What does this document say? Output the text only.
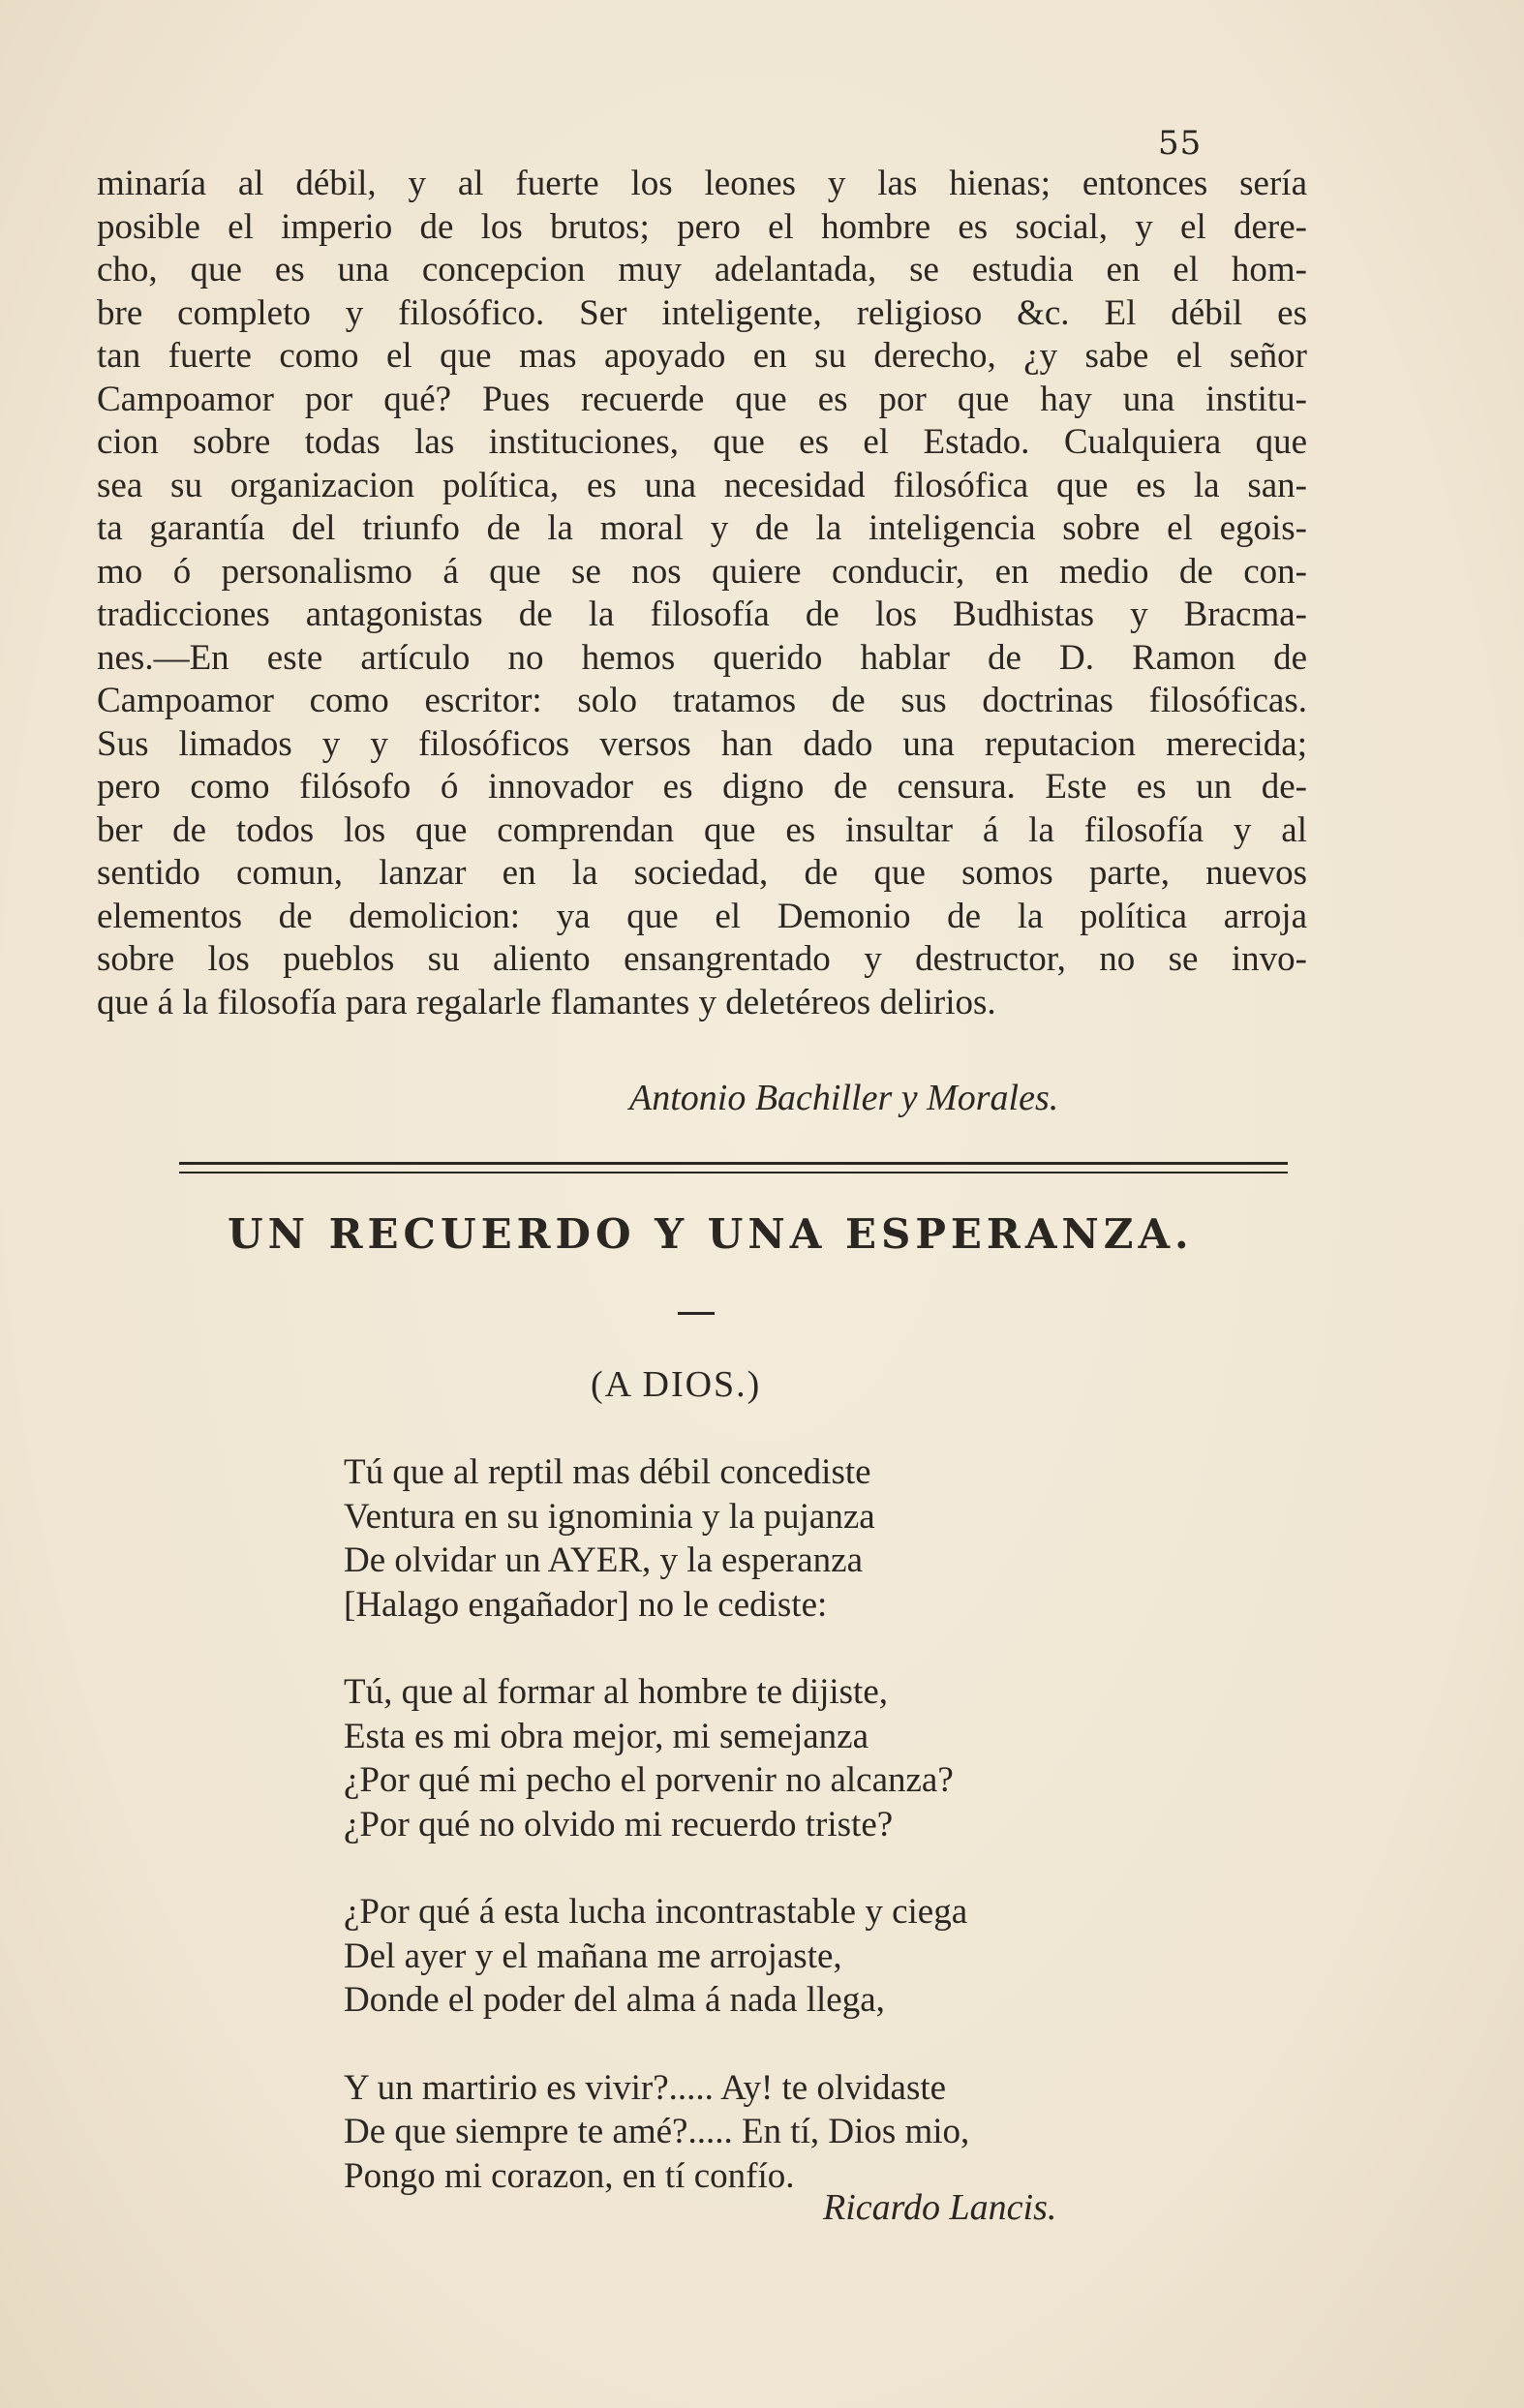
55
minaría al débil, y al fuerte los leones y las hienas; entonces sería
posible el imperio de los brutos; pero el hombre es social, y el dere-
cho, que es una concepcion muy adelantada, se estudia en el hom-
bre completo y filosófico. Ser inteligente, religioso &c. El débil es
tan fuerte como el que mas apoyado en su derecho, ¿y sabe el señor
Campoamor por qué? Pues recuerde que es por que hay una institu-
cion sobre todas las instituciones, que es el Estado. Cualquiera que
sea su organizacion política, es una necesidad filosófica que es la san-
ta garantía del triunfo de la moral y de la inteligencia sobre el egois-
mo ó personalismo á que se nos quiere conducir, en medio de con-
tradicciones antagonistas de la filosofía de los Budhistas y Bracma-
nes.—En este artículo no hemos querido hablar de D. Ramon de
Campoamor como escritor: solo tratamos de sus doctrinas filosóficas.
Sus limados y y filosóficos versos han dado una reputacion merecida;
pero como filósofo ó innovador es digno de censura. Este es un de-
ber de todos los que comprendan que es insultar á la filosofía y al
sentido comun, lanzar en la sociedad, de que somos parte, nuevos
elementos de demolicion: ya que el Demonio de la política arroja
sobre los pueblos su aliento ensangrentado y destructor, no se invo-
que á la filosofía para regalarle flamantes y deletéreos delirios.
Antonio Bachiller y Morales.
UN RECUERDO Y UNA ESPERANZA.
(A DIOS.)
Tú que al reptil mas débil concediste
Ventura en su ignominia y la pujanza
De olvidar un AYER, y la esperanza
[Halago engañador] no le cediste:
Tú, que al formar al hombre te dijiste,
Esta es mi obra mejor, mi semejanza
¿Por qué mi pecho el porvenir no alcanza?
¿Por qué no olvido mi recuerdo triste?
¿Por qué á esta lucha incontrastable y ciega
Del ayer y el mañana me arrojaste,
Donde el poder del alma á nada llega,
Y un martirio es vivir?..... Ay! te olvidaste
De que siempre te amé?..... En tí, Dios mio,
Pongo mi corazon, en tí confío.
Ricardo Lancis.
